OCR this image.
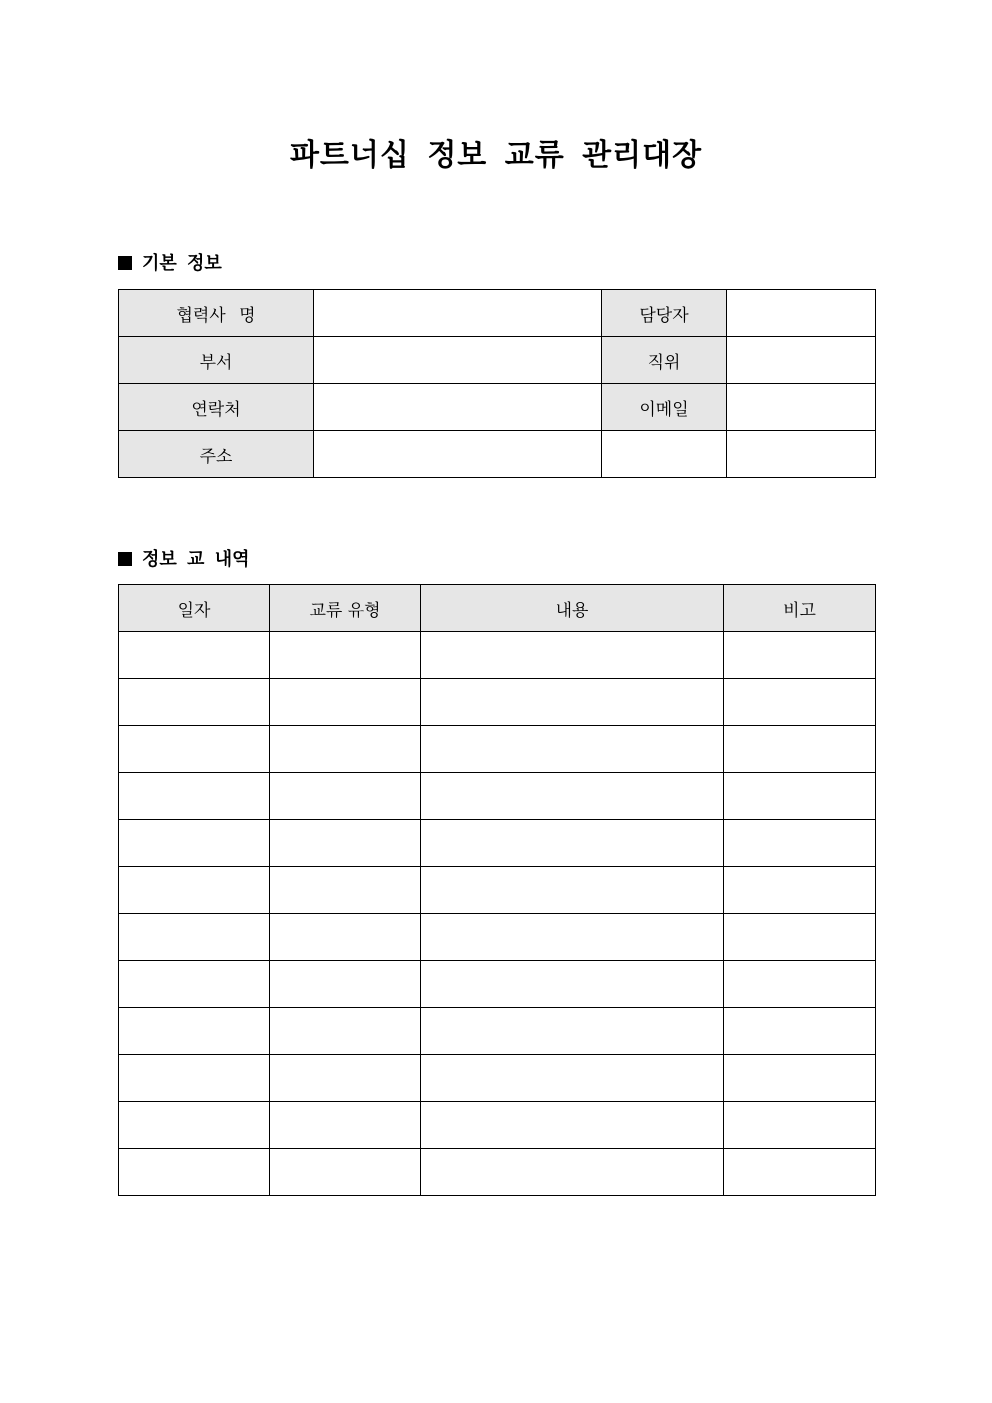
파트너십 정보 교류 관리대장
기본 정보
협력사 명		담당자	
부서		직위	
연락처		이메일	
주소			
정보 교 내역
일자	교류 유형	내용	비고
